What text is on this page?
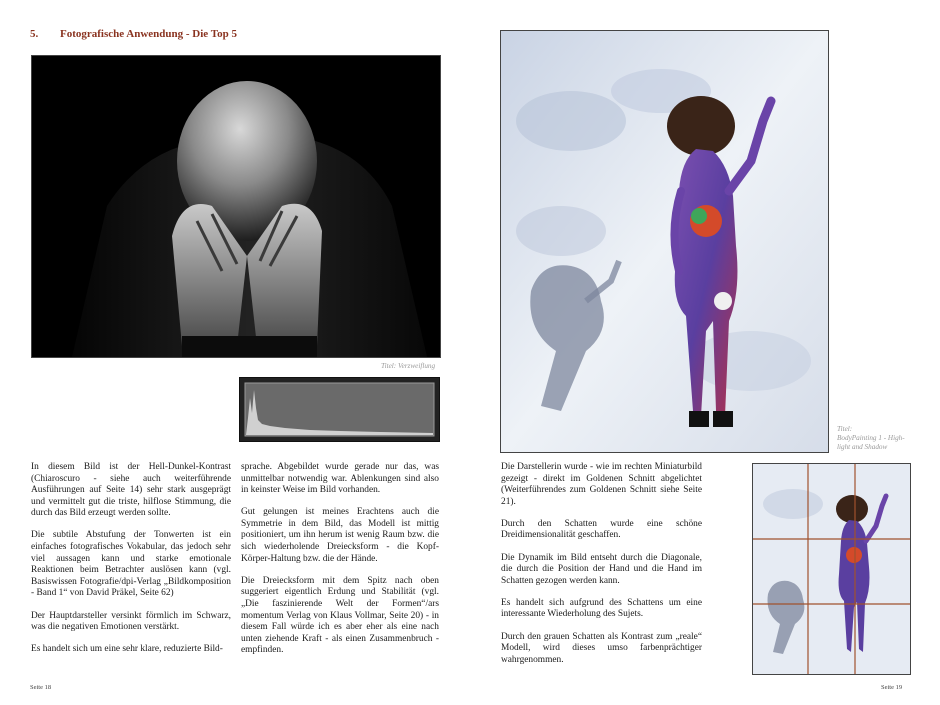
5. Fotografische Anwendung - Die Top 5
Titel: Verzweiflung
Titel:
BodyPainting 1 - High-
light and Shadow

In diesem Bild ist der Hell-Dunkel-Kontrast (Chiaroscuro - siehe auch weiterführende Ausführungen auf Seite 14) sehr stark ausgeprägt und vermittelt gut die triste, hilflose Stimmung, die durch das Bild erzeugt werden sollte.

Die subtile Abstufung der Tonwerten ist ein einfaches fotografisches Vokabular, das jedoch sehr viel aussagen kann und starke emotionale Reaktionen beim Betrachter auslösen kann (vgl. Basiswissen Fotografie/dpi-Verlag „Bildkomposition - Band 1“ von David Präkel, Seite 62)

Der Hauptdarsteller versinkt förmlich im Schwarz, was die negativen Emotionen verstärkt.

Es handelt sich um eine sehr klare, reduzierte Bild-

sprache. Abgebildet wurde gerade nur das, was unmittelbar notwendig war. Ablenkungen sind also in keinster Weise im Bild vorhanden.

Gut gelungen ist meines Erachtens auch die Symmetrie in dem Bild, das Modell ist mittig positioniert, um ihn herum ist wenig Raum bzw. die sich wiederholende Dreiecksform - die Kopf-Körper-Haltung bzw. die der Hände.

Die Dreiecksform mit dem Spitz nach oben suggeriert eigentlich Erdung und Stabilität (vgl. „Die faszinierende Welt der Formen“/ars momentum Verlag von Klaus Vollmar, Seite 20) - in diesem Fall würde ich es aber eher als eine nach unten ziehende Kraft - als einen Zusammenbruch - empfinden.

Die Darstellerin wurde - wie im rechten Miniaturbild gezeigt - direkt im Goldenen Schnitt abgelichtet (Weiterführendes zum Goldenen Schnitt siehe Seite 21).

Durch den Schatten wurde eine schöne Dreidimensionalität geschaffen.

Die Dynamik im Bild entseht durch die Diagonale, die durch die Position der Hand und die Hand im Schatten gezogen werden kann.

Es handelt sich aufgrund des Schattens um eine interessante Wiederholung des Sujets.

Durch den grauen Schatten als Kontrast zum „reale“ Modell, wird dieses umso farbenprächtiger wahrgenommen.

Seite 18	Seite 19
